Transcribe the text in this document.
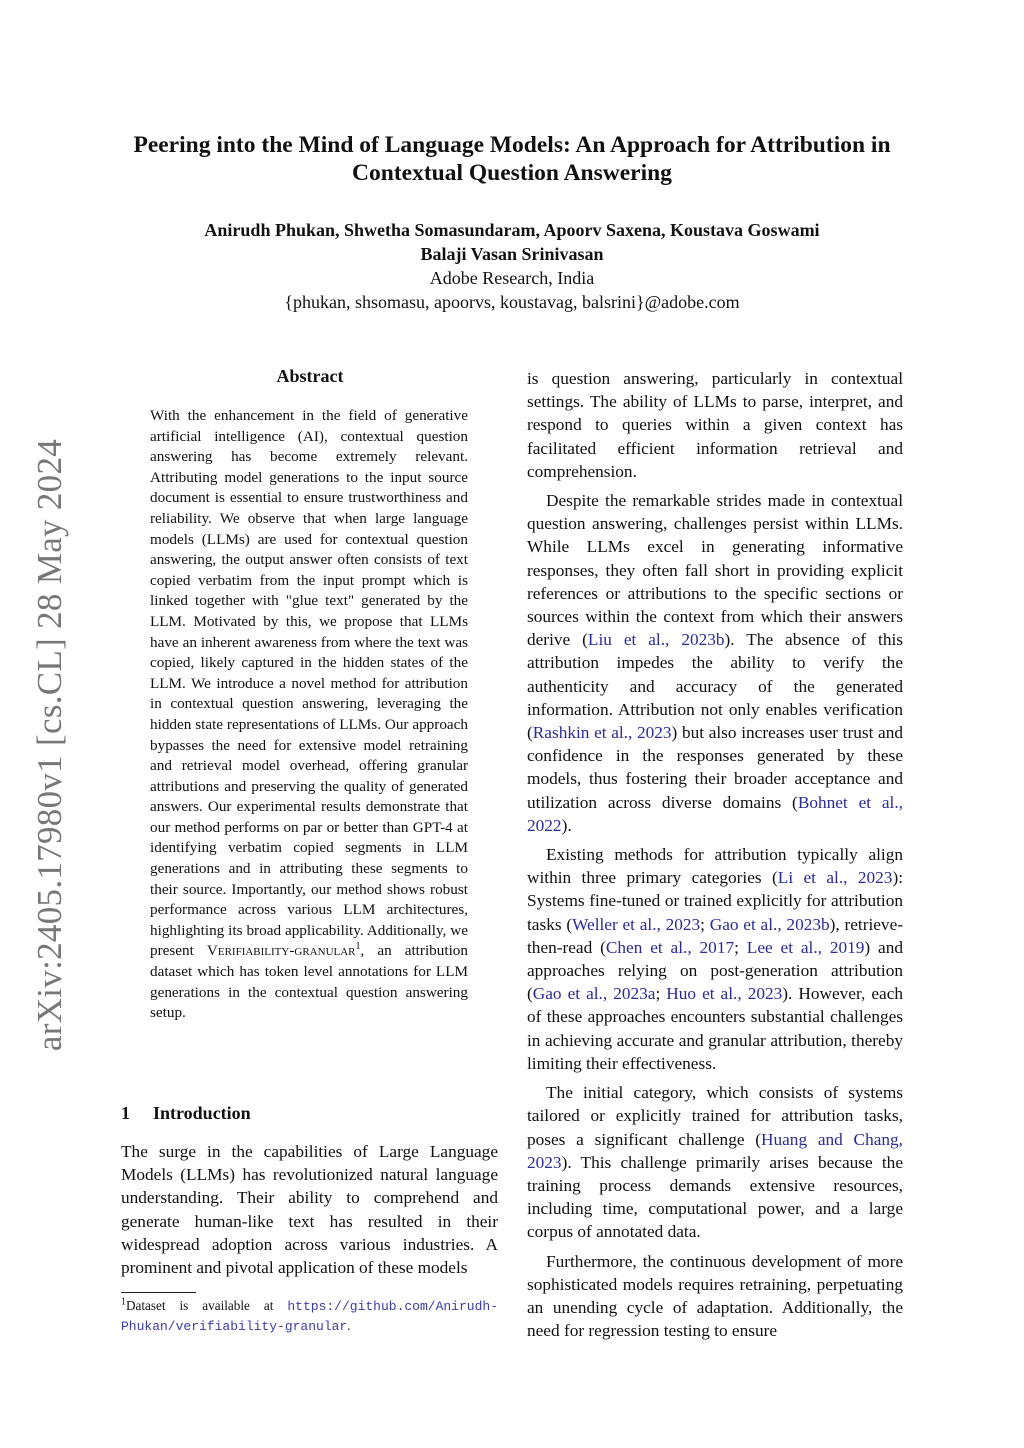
arXiv:2405.17980v1 [cs.CL] 28 May 2024
Peering into the Mind of Language Models: An Approach for Attribution in Contextual Question Answering
Anirudh Phukan, Shwetha Somasundaram, Apoorv Saxena, Koustava Goswami
Balaji Vasan Srinivasan
Adobe Research, India
{phukan, shsomasu, apoorvs, koustavag, balsrini}@adobe.com
Abstract
With the enhancement in the field of generative artificial intelligence (AI), contextual question answering has become extremely relevant. Attributing model generations to the input source document is essential to ensure trustworthiness and reliability. We observe that when large language models (LLMs) are used for contextual question answering, the output answer often consists of text copied verbatim from the input prompt which is linked together with "glue text" generated by the LLM. Motivated by this, we propose that LLMs have an inherent awareness from where the text was copied, likely captured in the hidden states of the LLM. We introduce a novel method for attribution in contextual question answering, leveraging the hidden state representations of LLMs. Our approach bypasses the need for extensive model retraining and retrieval model overhead, offering granular attributions and preserving the quality of generated answers. Our experimental results demonstrate that our method performs on par or better than GPT-4 at identifying verbatim copied segments in LLM generations and in attributing these segments to their source. Importantly, our method shows robust performance across various LLM architectures, highlighting its broad applicability. Additionally, we present Verifiability-granular$^1$, an attribution dataset which has token level annotations for LLM generations in the contextual question answering setup.
1 Introduction
The surge in the capabilities of Large Language Models (LLMs) has revolutionized natural language understanding. Their ability to comprehend and generate human-like text has resulted in their widespread adoption across various industries. A prominent and pivotal application of these models
$^1$Dataset is available at https://github.com/Anirudh-Phukan/verifiability-granular.

is question answering, particularly in contextual settings. The ability of LLMs to parse, interpret, and respond to queries within a given context has facilitated efficient information retrieval and comprehension.

Despite the remarkable strides made in contextual question answering, challenges persist within LLMs. While LLMs excel in generating informative responses, they often fall short in providing explicit references or attributions to the specific sections or sources within the context from which their answers derive (Liu et al., 2023b). The absence of this attribution impedes the ability to verify the authenticity and accuracy of the generated information. Attribution not only enables verification (Rashkin et al., 2023) but also increases user trust and confidence in the responses generated by these models, thus fostering their broader acceptance and utilization across diverse domains (Bohnet et al., 2022).

Existing methods for attribution typically align within three primary categories (Li et al., 2023): Systems fine-tuned or trained explicitly for attribution tasks (Weller et al., 2023; Gao et al., 2023b), retrieve-then-read (Chen et al., 2017; Lee et al., 2019) and approaches relying on post-generation attribution (Gao et al., 2023a; Huo et al., 2023). However, each of these approaches encounters substantial challenges in achieving accurate and granular attribution, thereby limiting their effectiveness.

The initial category, which consists of systems tailored or explicitly trained for attribution tasks, poses a significant challenge (Huang and Chang, 2023). This challenge primarily arises because the training process demands extensive resources, including time, computational power, and a large corpus of annotated data.

Furthermore, the continuous development of more sophisticated models requires retraining, perpetuating an unending cycle of adaptation. Additionally, the need for regression testing to ensure
